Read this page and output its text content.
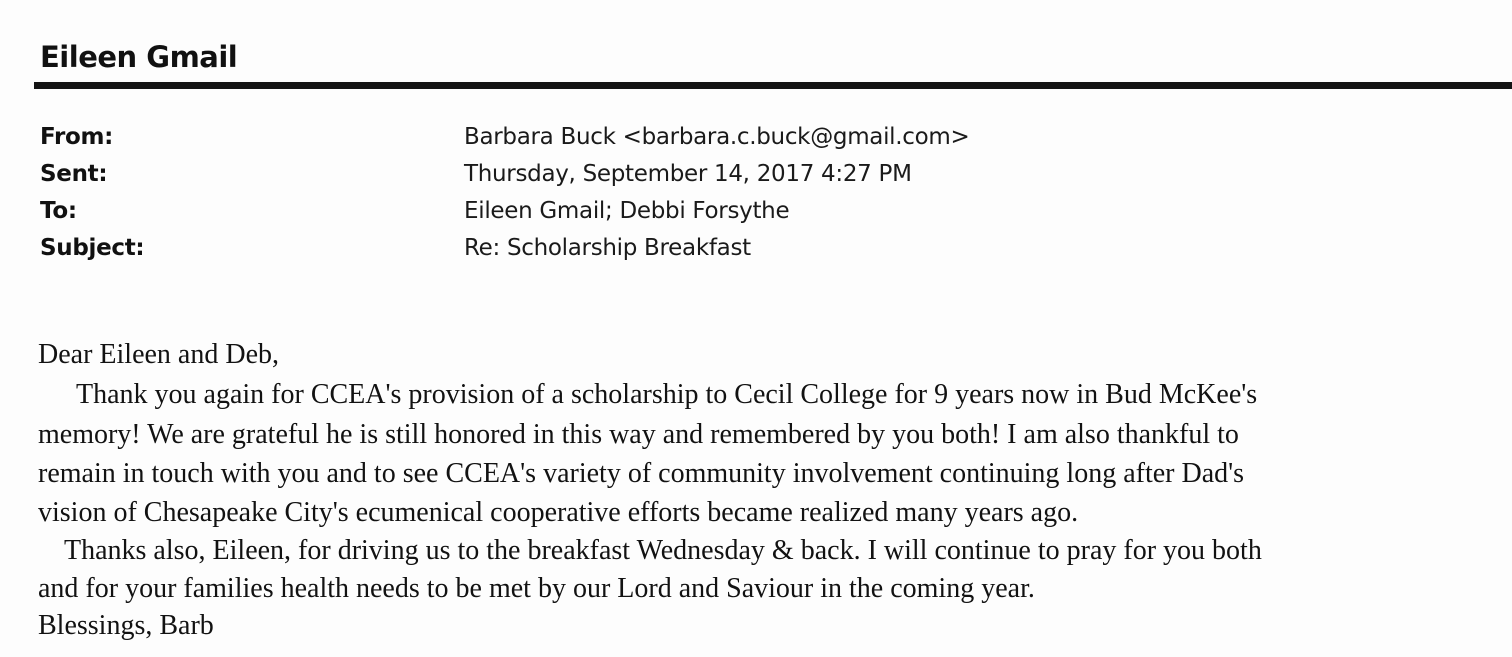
Eileen Gmail
From:	Barbara Buck <barbara.c.buck@gmail.com>
Sent:	Thursday, September 14, 2017 4:27 PM
To:	Eileen Gmail; Debbi Forsythe
Subject:	Re: Scholarship Breakfast
Dear Eileen and Deb,
Thank you again for CCEA's provision of a scholarship to Cecil College for 9 years now in Bud McKee's
memory! We are grateful he is still honored in this way and remembered by you both! I am also thankful to
remain in touch with you and to see CCEA's variety of community involvement continuing long after Dad's
vision of Chesapeake City's ecumenical cooperative efforts became realized many years ago.
Thanks also, Eileen, for driving us to the breakfast Wednesday & back. I will continue to pray for you both
and for your families health needs to be met by our Lord and Saviour in the coming year.
Blessings, Barb
